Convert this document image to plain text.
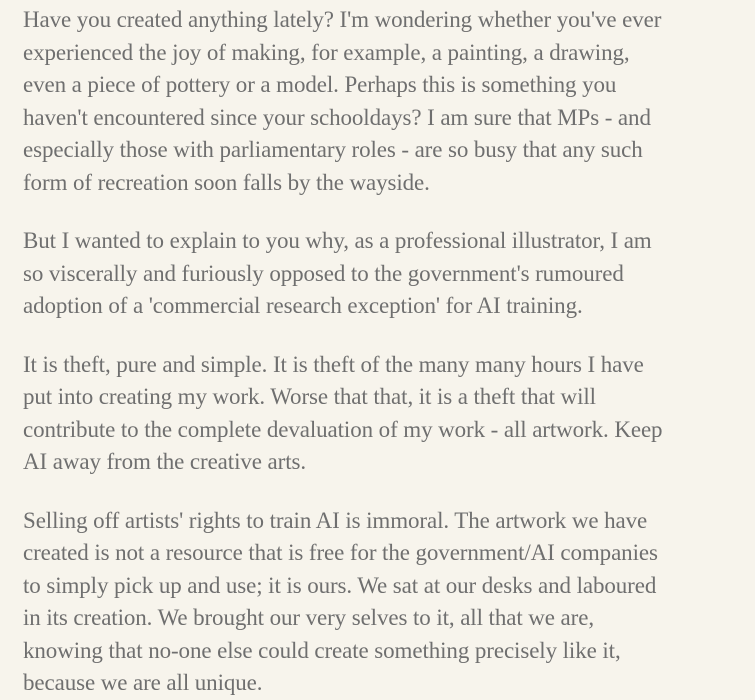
Have you created anything lately? I'm wondering whether you've ever
experienced the joy of making, for example, a painting, a drawing,
even a piece of pottery or a model. Perhaps this is something you
haven't encountered since your schooldays? I am sure that MPs - and
especially those with parliamentary roles - are so busy that any such
form of recreation soon falls by the wayside.

But I wanted to explain to you why, as a professional illustrator, I am
so viscerally and furiously opposed to the government's rumoured
adoption of a 'commercial research exception' for AI training.

It is theft, pure and simple. It is theft of the many many hours I have
put into creating my work. Worse that that, it is a theft that will
contribute to the complete devaluation of my work - all artwork. Keep
AI away from the creative arts.

Selling off artists' rights to train AI is immoral. The artwork we have
created is not a resource that is free for the government/AI companies
to simply pick up and use; it is ours. We sat at our desks and laboured
in its creation. We brought our very selves to it, all that we are,
knowing that no-one else could create something precisely like it,
because we are all unique.
